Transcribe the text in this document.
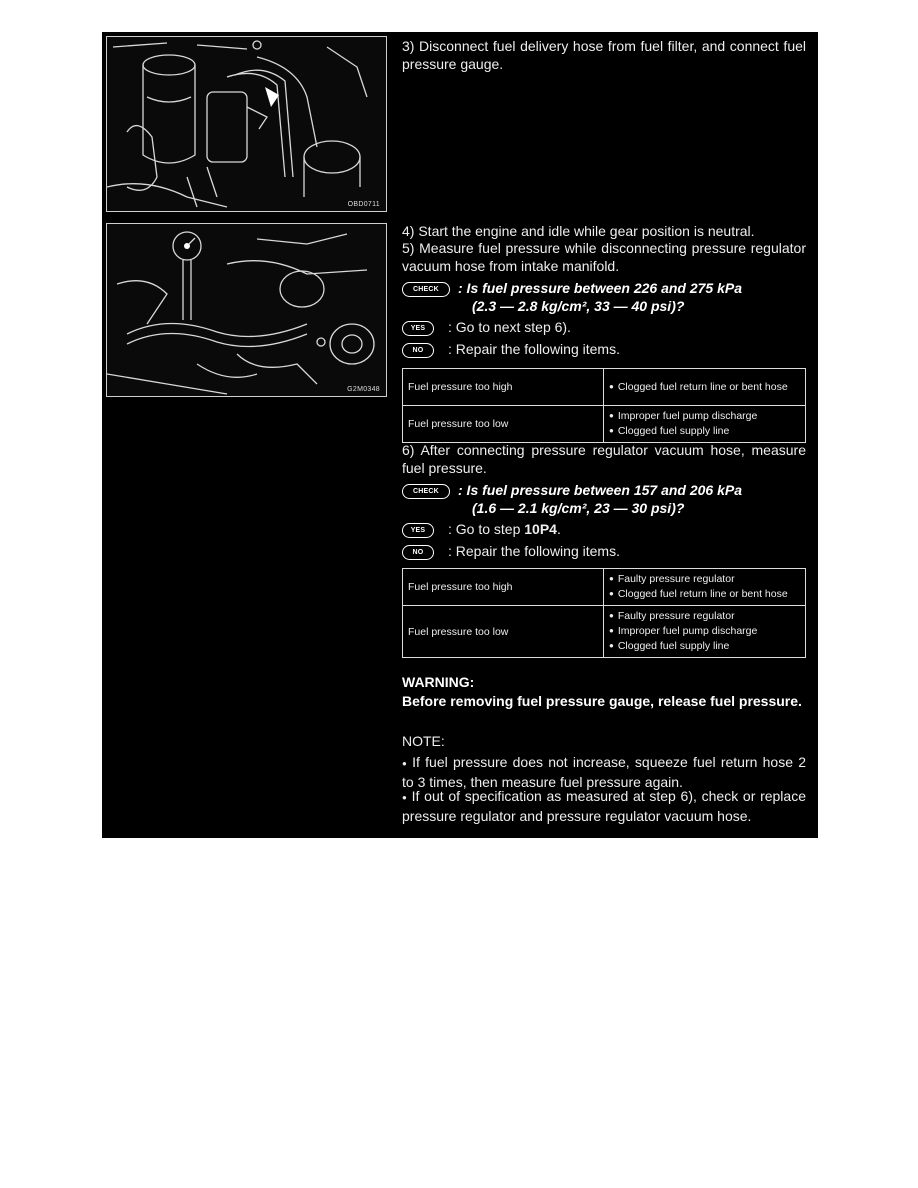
OBD0711
G2M0348
3) Disconnect fuel delivery hose from fuel filter, and connect fuel pressure gauge.
4) Start the engine and idle while gear position is neutral.
5) Measure fuel pressure while disconnecting pressure regulator vacuum hose from intake manifold.
CHECK	: Is fuel pressure between 226 and 275 kPa
(2.3 — 2.8 kg/cm², 33 — 40 psi)?
YES	: Go to next step 6).
NO	: Repair the following items.
Fuel pressure too high	● Clogged fuel return line or bent hose

Fuel pressure too low	● Improper fuel pump discharge
● Clogged fuel supply line
6) After connecting pressure regulator vacuum hose, measure fuel pressure.
CHECK	: Is fuel pressure between 157 and 206 kPa
(1.6 — 2.1 kg/cm², 23 — 30 psi)?
YES	: Go to step 10P4.
NO	: Repair the following items.
Fuel pressure too high	● Faulty pressure regulator
● Clogged fuel return line or bent hose

Fuel pressure too low	● Faulty pressure regulator
● Improper fuel pump discharge
● Clogged fuel supply line
WARNING:
Before removing fuel pressure gauge, release fuel pressure.
NOTE:
● If fuel pressure does not increase, squeeze fuel return hose 2 to 3 times, then measure fuel pressure again.
● If out of specification as measured at step 6), check or replace pressure regulator and pressure regulator vacuum hose.
